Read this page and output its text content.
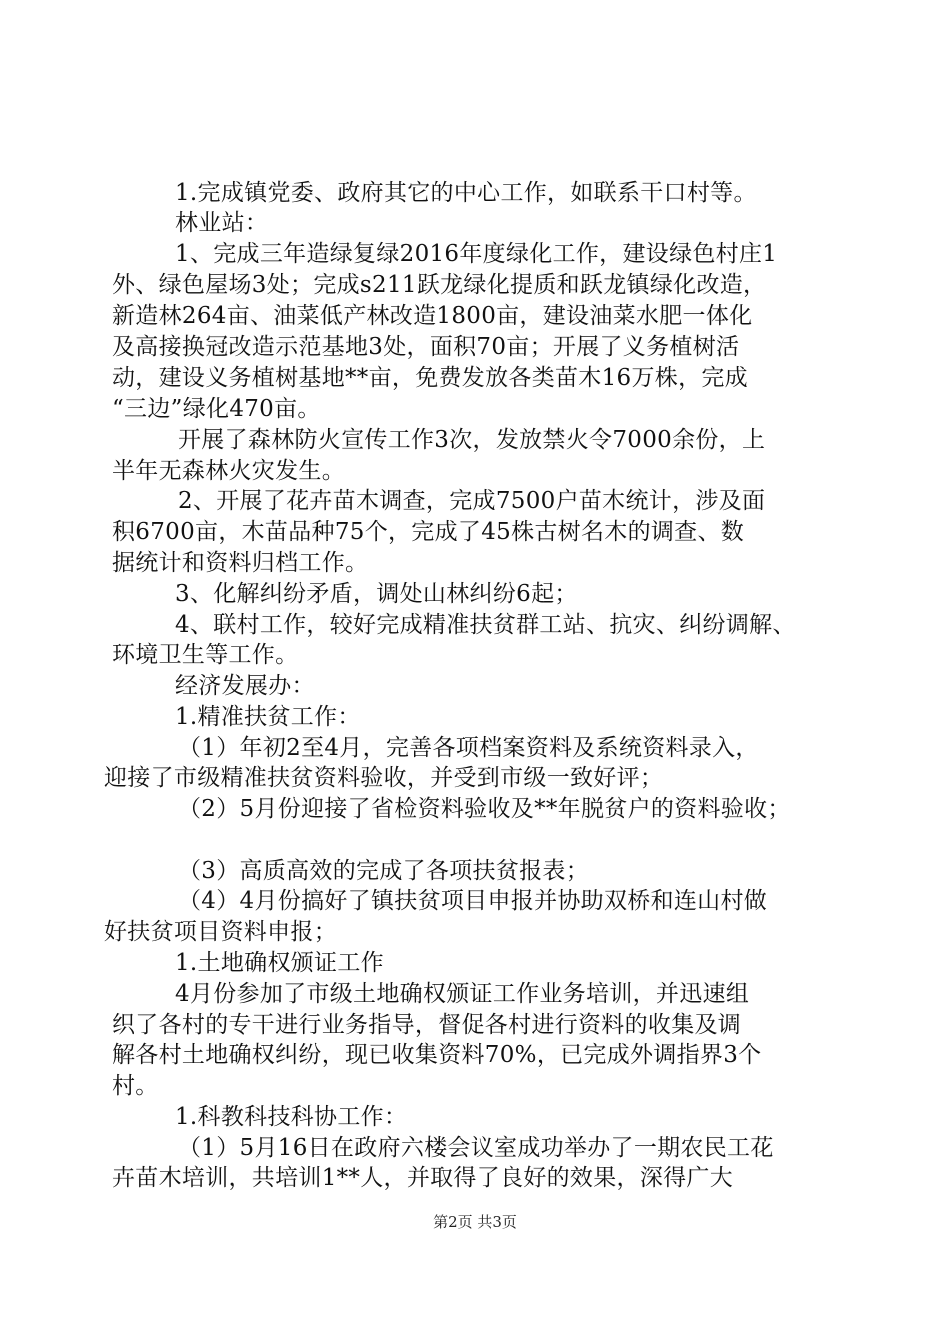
1.完成镇党委、政府其它的中心工作，如联系干口村等。
林业站：
1、完成三年造绿复绿2016年度绿化工作，建设绿色村庄1
外、绿色屋场3处；完成s211跃龙绿化提质和跃龙镇绿化改造，
新造林264亩、油菜低产林改造1800亩，建设油菜水肥一体化
及高接换冠改造示范基地3处，面积70亩；开展了义务植树活
动，建设义务植树基地**亩，免费发放各类苗木16万株，完成
“三边”绿化470亩。
开展了森林防火宣传工作3次，发放禁火令7000余份，上
半年无森林火灾发生。
2、开展了花卉苗木调查，完成7500户苗木统计，涉及面
积6700亩，木苗品种75个，完成了45株古树名木的调查、数
据统计和资料归档工作。
3、化解纠纷矛盾，调处山林纠纷6起；
4、联村工作，较好完成精准扶贫群工站、抗灾、纠纷调解、
环境卫生等工作。
经济发展办：
1.精准扶贫工作：
（1）年初2至4月，完善各项档案资料及系统资料录入，
迎接了市级精准扶贫资料验收，并受到市级一致好评；
（2）5月份迎接了省检资料验收及**年脱贫户的资料验收；
（3）高质高效的完成了各项扶贫报表；
（4）4月份搞好了镇扶贫项目申报并协助双桥和连山村做
好扶贫项目资料申报；
1.土地确权颁证工作
4月份参加了市级土地确权颁证工作业务培训，并迅速组
织了各村的专干进行业务指导，督促各村进行资料的收集及调
解各村土地确权纠纷，现已收集资料70%，已完成外调指界3个
村。
1.科教科技科协工作：
（1）5月16日在政府六楼会议室成功举办了一期农民工花
卉苗木培训，共培训1**人，并取得了良好的效果，深得广大
第2页 共3页
